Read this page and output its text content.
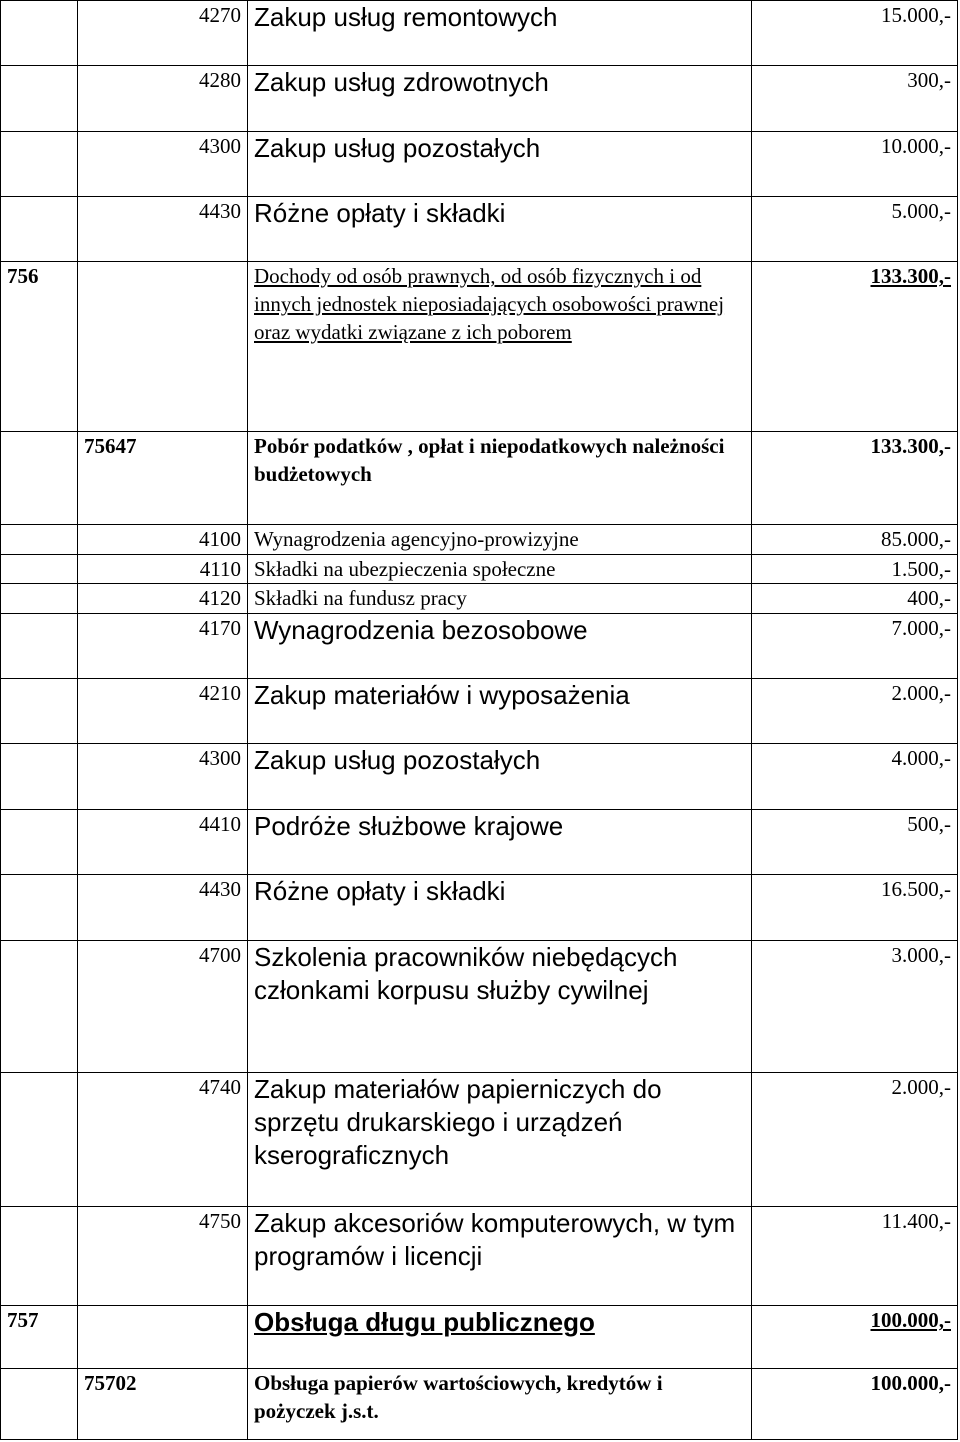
	4270	Zakup usług remontowych	15.000,-
	4280	Zakup usług zdrowotnych	300,-
	4300	Zakup usług pozostałych	10.000,-
	4430	Różne opłaty i składki	5.000,-
756		Dochody od osób prawnych, od osób fizycznych i od innych jednostek nieposiadających osobowości prawnej oraz wydatki związane z ich poborem	133.300,-
	75647	Pobór podatków , opłat i niepodatkowych należności budżetowych	133.300,-
	4100	Wynagrodzenia agencyjno-prowizyjne	85.000,-
	4110	Składki na ubezpieczenia społeczne	1.500,-
	4120	Składki na fundusz pracy	400,-
	4170	Wynagrodzenia bezosobowe	7.000,-
	4210	Zakup materiałów i wyposażenia	2.000,-
	4300	Zakup usług pozostałych	4.000,-
	4410	Podróże służbowe krajowe	500,-
	4430	Różne opłaty i składki	16.500,-
	4700	Szkolenia pracowników niebędących członkami korpusu służby cywilnej	3.000,-
	4740	Zakup materiałów papierniczych do sprzętu drukarskiego i urządzeń kserograficznych	2.000,-
	4750	Zakup akcesoriów komputerowych, w tym programów i licencji	11.400,-
757		Obsługa długu publicznego	100.000,-
	75702	Obsługa papierów wartościowych, kredytów i pożyczek j.s.t.	100.000,-
